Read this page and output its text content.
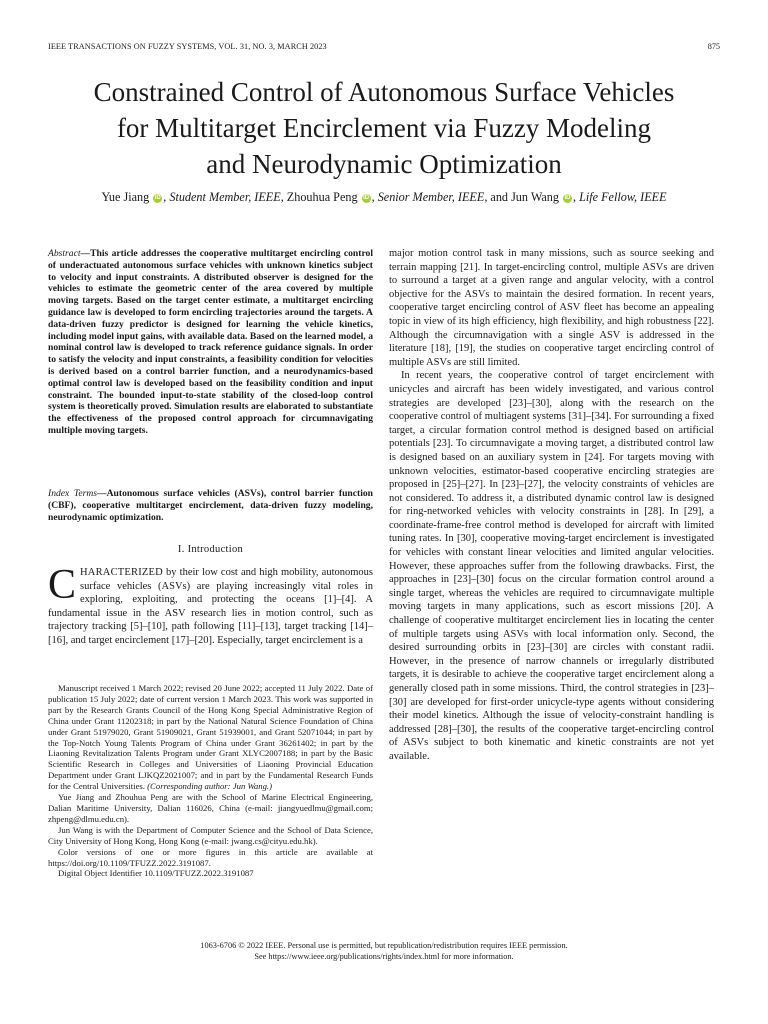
IEEE TRANSACTIONS ON FUZZY SYSTEMS, VOL. 31, NO. 3, MARCH 2023	875
Constrained Control of Autonomous Surface Vehicles
for Multitarget Encirclement via Fuzzy Modeling
and Neurodynamic Optimization
Yue Jiang iD , Student Member, IEEE, Zhouhua Peng iD , Senior Member, IEEE, and Jun Wang iD , Life Fellow, IEEE
Abstract—This article addresses the cooperative multitarget encircling control of underactuated autonomous surface vehicles with unknown kinetics subject to velocity and input constraints. A distributed observer is designed for the vehicles to estimate the geometric center of the area covered by multiple moving targets. Based on the target center estimate, a multitarget encircling guidance law is developed to form encircling trajectories around the targets. A data-driven fuzzy predictor is designed for learning the vehicle kinetics, including model input gains, with available data. Based on the learned model, a nominal control law is developed to track reference guidance signals. In order to satisfy the velocity and input constraints, a feasibility condition for velocities is derived based on a control barrier function, and a neurodynamics-based optimal control law is developed based on the feasibility condition and input constraint. The bounded input-to-state stability of the closed-loop control system is theoretically proved. Simulation results are elaborated to substantiate the effectiveness of the proposed control approach for circumnavigating multiple moving targets.
Index Terms—Autonomous surface vehicles (ASVs), control barrier function (CBF), cooperative multitarget encirclement, data-driven fuzzy modeling, neurodynamic optimization.
I. Introduction
CHARACTERIZED by their low cost and high mobility, autonomous surface vehicles (ASVs) are playing increasingly vital roles in exploring, exploiting, and protecting the oceans [1]–[4]. A fundamental issue in the ASV research lies in motion control, such as trajectory tracking [5]–[10], path following [11]–[13], target tracking [14]–[16], and target encirclement [17]–[20]. Especially, target encirclement is a

Manuscript received 1 March 2022; revised 20 June 2022; accepted 11 July 2022. Date of publication 15 July 2022; date of current version 1 March 2023. This work was supported in part by the Research Grants Council of the Hong Kong Special Administrative Region of China under Grant 11202318; in part by the National Natural Science Foundation of China under Grant 51979020, Grant 51909021, Grant 51939001, and Grant 52071044; in part by the Top-Notch Young Talents Program of China under Grant 36261402; in part by the Liaoning Revitalization Talents Program under Grant XLYC2007188; in part by the Basic Scientific Research in Colleges and Universities of Liaoning Provincial Education Department under Grant LJKQZ2021007; and in part by the Fundamental Research Funds for the Central Universities. (Corresponding author: Jun Wang.)

Yue Jiang and Zhouhua Peng are with the School of Marine Electrical Engineering, Dalian Maritime University, Dalian 116026, China (e-mail: jiangyuedlmu@gmail.com; zhpeng@dlmu.edu.cn).

Jun Wang is with the Department of Computer Science and the School of Data Science, City University of Hong Kong, Hong Kong (e-mail: jwang.cs@cityu.edu.hk).

Color versions of one or more figures in this article are available at https://doi.org/10.1109/TFUZZ.2022.3191087.

Digital Object Identifier 10.1109/TFUZZ.2022.3191087

major motion control task in many missions, such as source seeking and terrain mapping [21]. In target-encircling control, multiple ASVs are driven to surround a target at a given range and angular velocity, with a control objective for the ASVs to maintain the desired formation. In recent years, cooperative target encircling control of ASV fleet has become an appealing topic in view of its high efficiency, high flexibility, and high robustness [22]. Although the circumnavigation with a single ASV is addressed in the literature [18], [19], the studies on cooperative target encircling control of multiple ASVs are still limited.

In recent years, the cooperative control of target encirclement with unicycles and aircraft has been widely investigated, and various control strategies are developed [23]–[30], along with the research on the cooperative control of multiagent systems [31]–[34]. For surrounding a fixed target, a circular formation control method is designed based on artificial potentials [23]. To circumnavigate a moving target, a distributed control law is designed based on an auxiliary system in [24]. For targets moving with unknown velocities, estimator-based cooperative encircling strategies are proposed in [25]–[27]. In [23]–[27], the velocity constraints of vehicles are not considered. To address it, a distributed dynamic control law is designed for ring-networked vehicles with velocity constraints in [28]. In [29], a coordinate-frame-free control method is developed for aircraft with limited tuning rates. In [30], cooperative moving-target encirclement is investigated for vehicles with constant linear velocities and limited angular velocities. However, these approaches suffer from the following drawbacks. First, the approaches in [23]–[30] focus on the circular formation control around a single target, whereas the vehicles are required to circumnavigate multiple moving targets in many applications, such as escort missions [20]. A challenge of cooperative multitarget encirclement lies in locating the center of multiple targets using ASVs with local information only. Second, the desired surrounding orbits in [23]–[30] are circles with constant radii. However, in the presence of narrow channels or irregularly distributed targets, it is desirable to achieve the cooperative target encirclement along a generally closed path in some missions. Third, the control strategies in [23]–[30] are developed for first-order unicycle-type agents without considering their model kinetics. Although the issue of velocity-constraint handling is addressed [28]–[30], the results of the cooperative target-encircling control of ASVs subject to both kinematic and kinetic constraints are not yet available.

1063-6706 © 2022 IEEE. Personal use is permitted, but republication/redistribution requires IEEE permission.
See https://www.ieee.org/publications/rights/index.html for more information.
